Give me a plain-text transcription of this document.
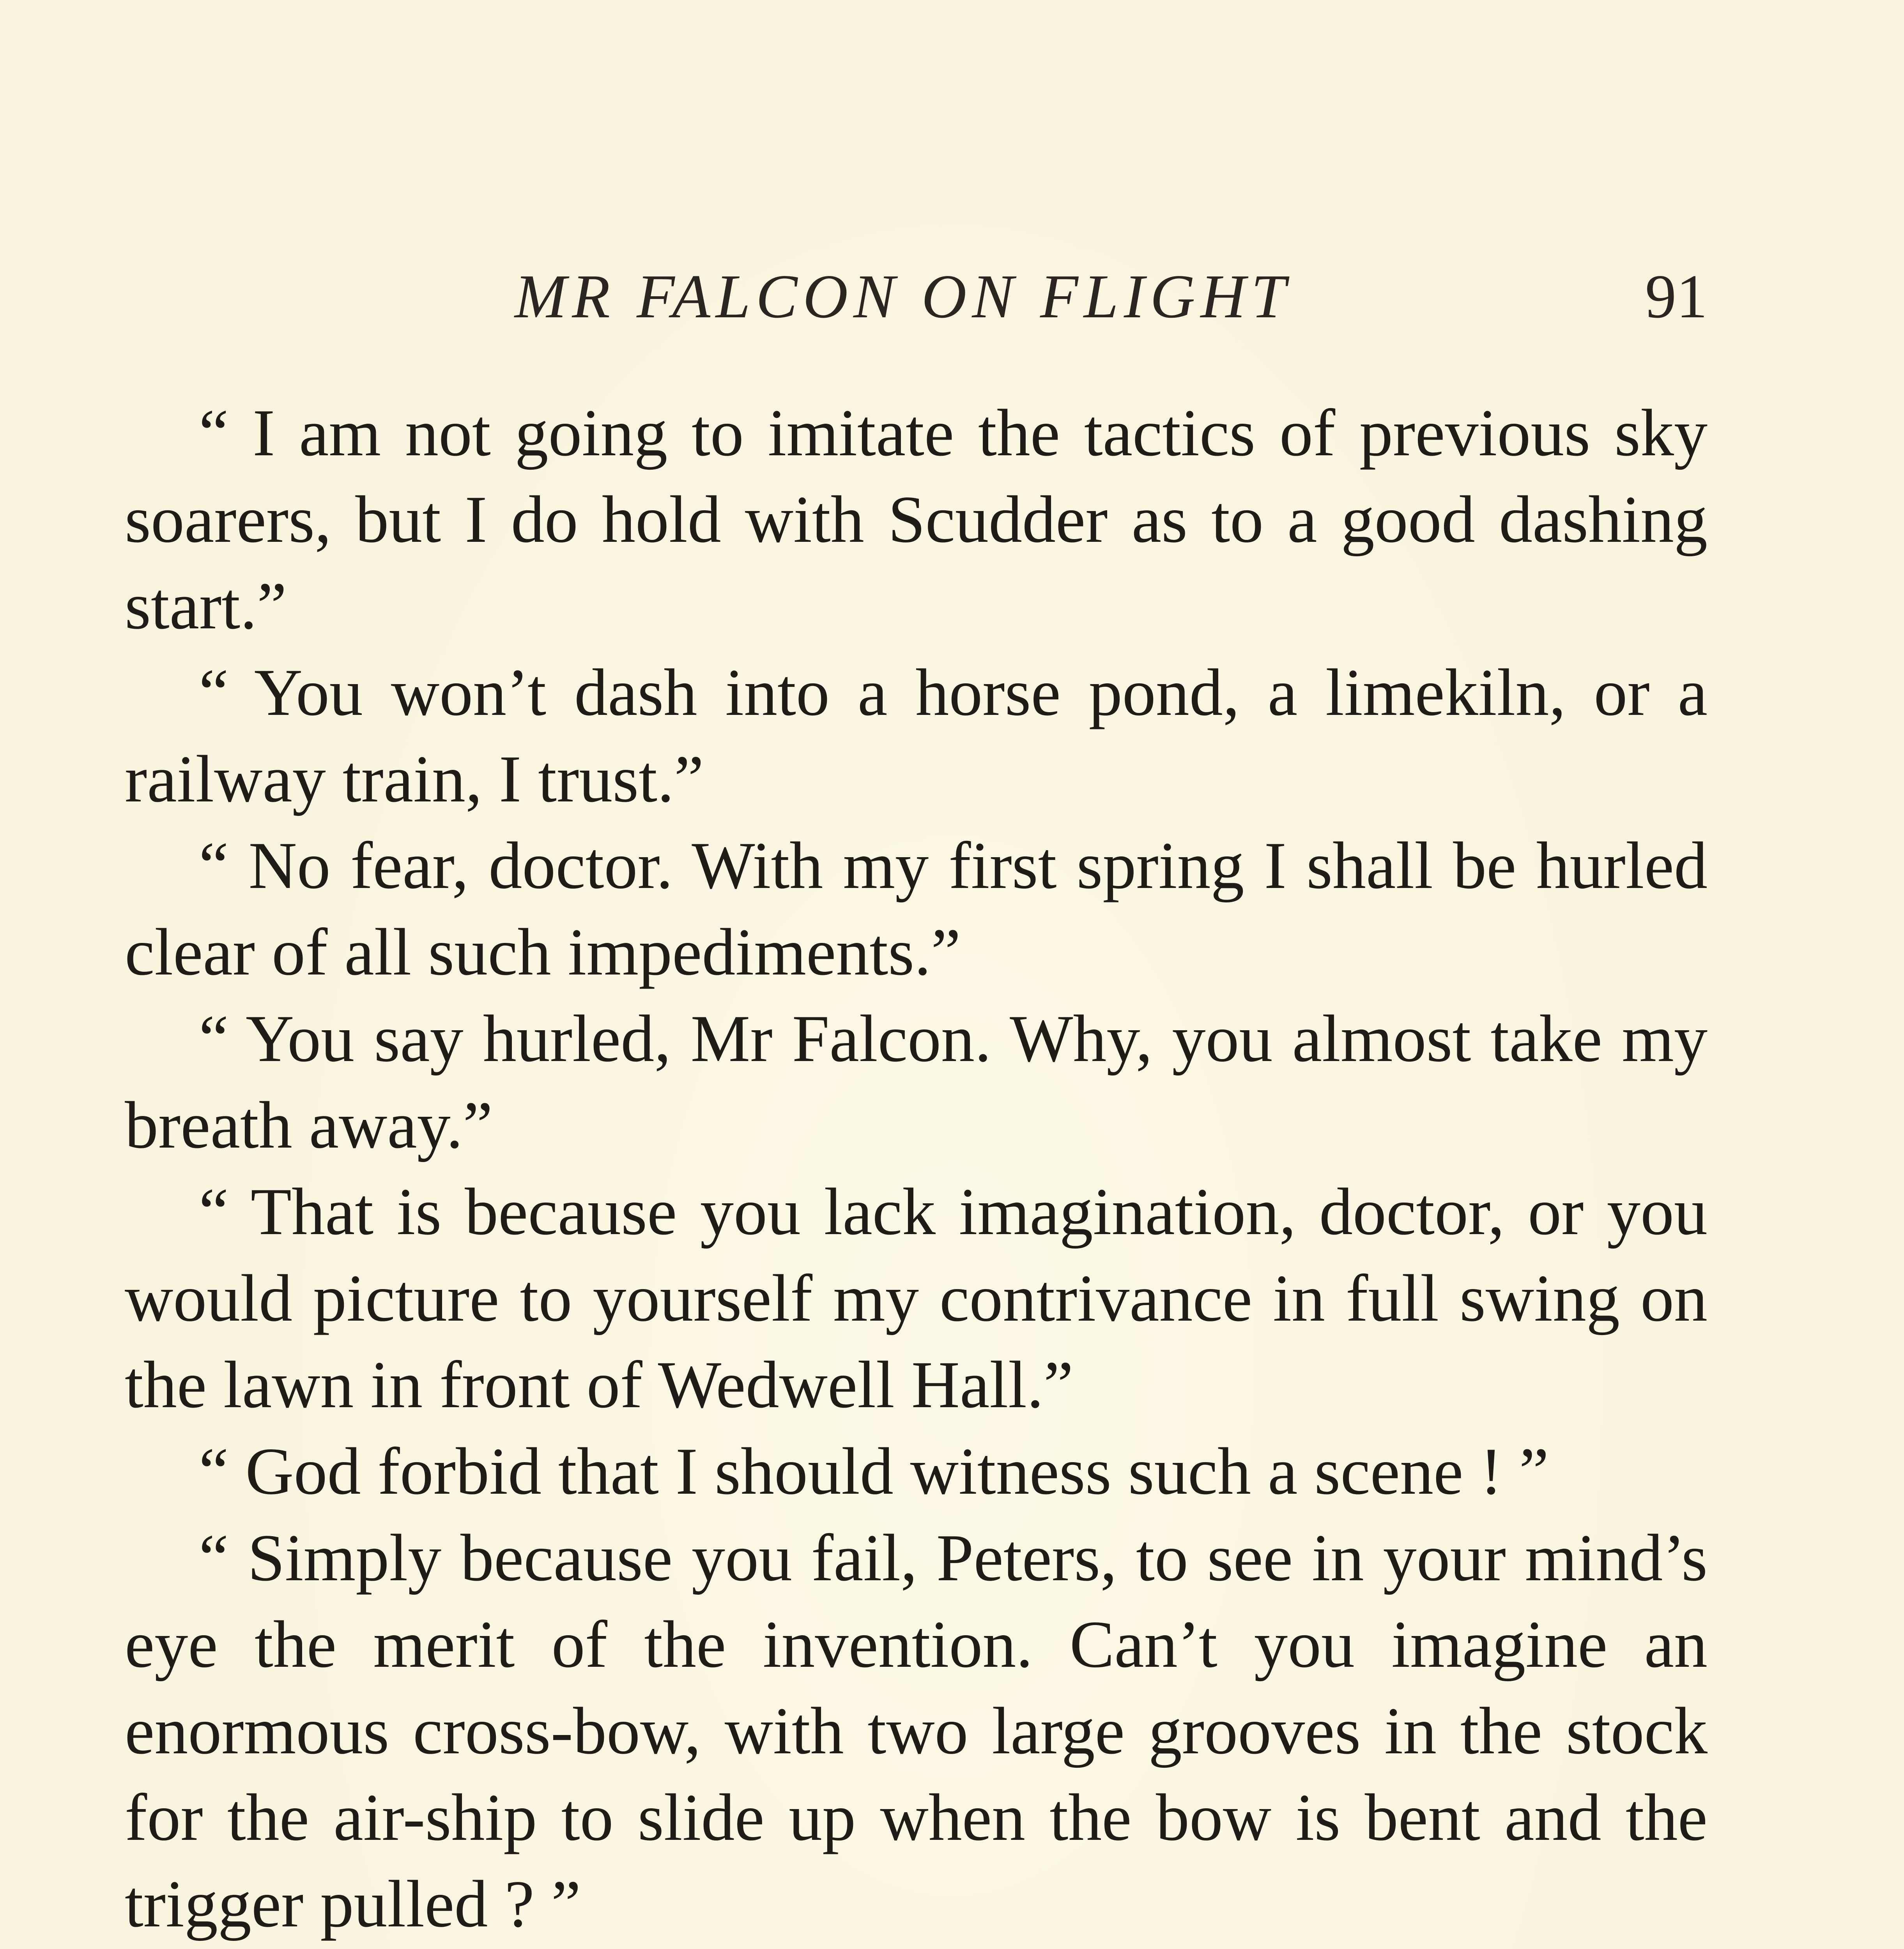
MR FALCON ON FLIGHT	91

“ I am not going to imitate the tactics of previous sky soarers, but I do hold with Scudder as to a good dashing start.”

“ You won’t dash into a horse pond, a limekiln, or a railway train, I trust.”

“ No fear, doctor. With my first spring I shall be hurled clear of all such impediments.”

“ You say hurled, Mr Falcon. Why, you almost take my breath away.”

“ That is because you lack imagination, doctor, or you would picture to yourself my contrivance in full swing on the lawn in front of Wedwell Hall.”

“ God forbid that I should witness such a scene ! ”

“ Simply because you fail, Peters, to see in your mind’s eye the merit of the invention. Can’t you imagine an enormous cross-bow, with two large grooves in the stock for the air-ship to slide up when the bow is bent and the trigger pulled ? ”
